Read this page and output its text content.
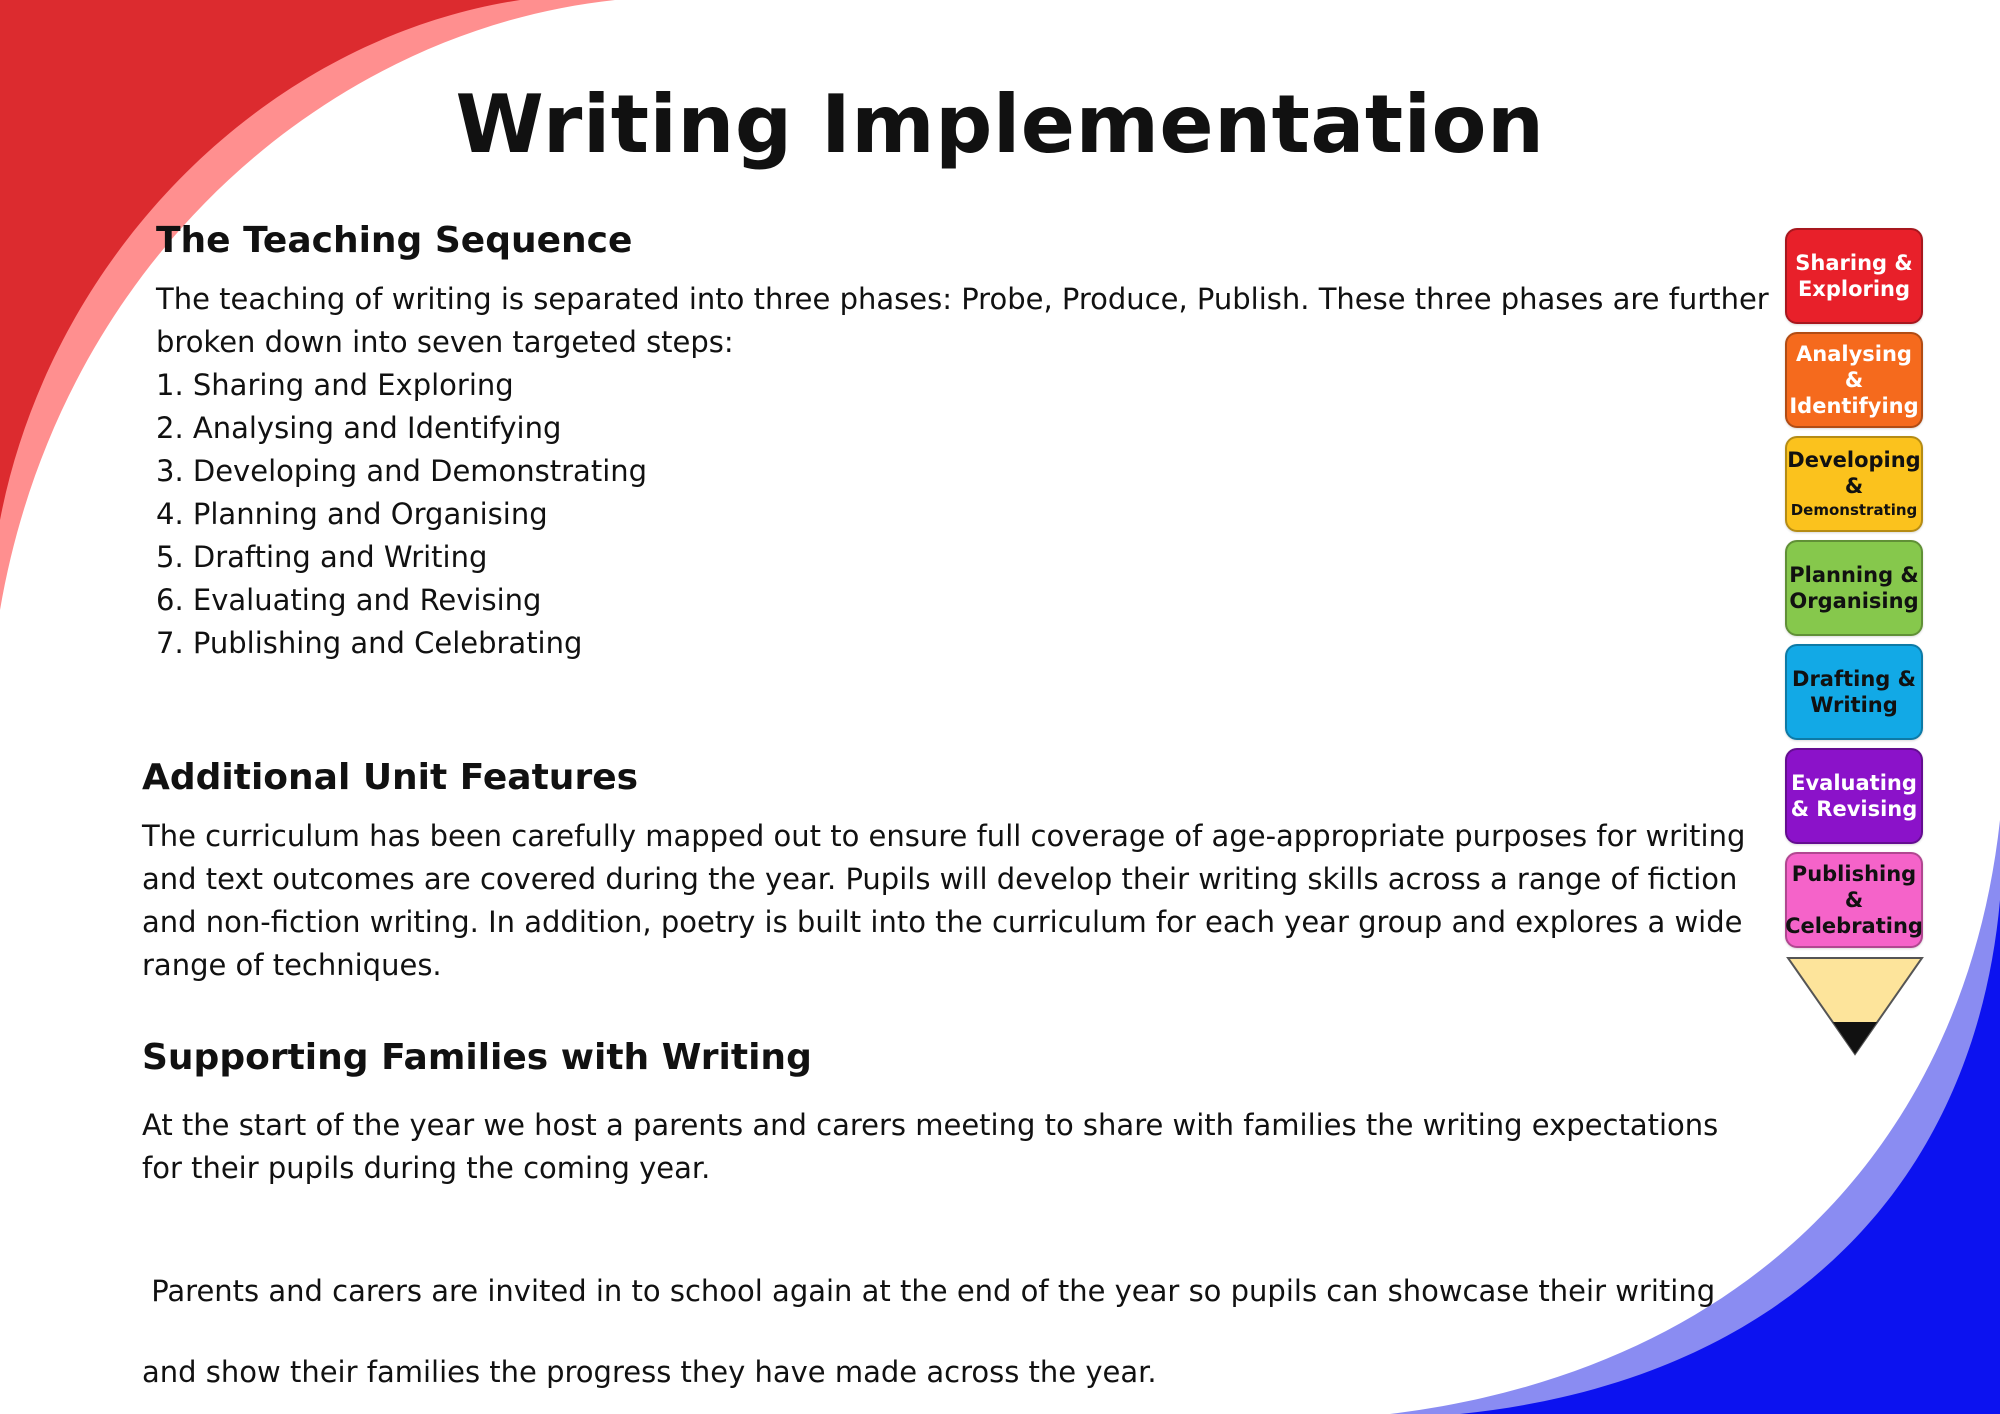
Writing Implementation
The Teaching Sequence

The teaching of writing is separated into three phases: Probe, Produce, Publish. These three phases are further

broken down into seven targeted steps:

1. Sharing and Exploring
2. Analysing and Identifying
3. Developing and Demonstrating
4. Planning and Organising
5. Drafting and Writing
6. Evaluating and Revising
7. Publishing and Celebrating
Additional Unit Features

The curriculum has been carefully mapped out to ensure full coverage of age-appropriate purposes for writing

and text outcomes are covered during the year. Pupils will develop their writing skills across a range of fiction

and non-fiction writing. In addition, poetry is built into the curriculum for each year group and explores a wide

range of techniques.

Supporting Families with Writing

At the start of the year we host a parents and carers meeting to share with families the writing expectations

for their pupils during the coming year.

Parents and carers are invited in to school again at the end of the year so pupils can showcase their writing

and show their families the progress they have made across the year.

Sharing &
Exploring
Analysing
&
Identifying
Developing
&
Demonstrating
Planning &
Organising
Drafting &
Writing
Evaluating
& Revising
Publishing
&
Celebrating
